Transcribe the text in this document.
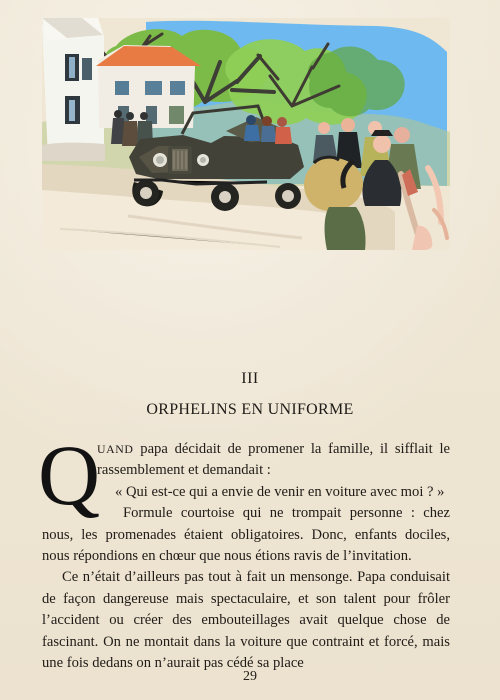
III
ORPHELINS EN UNIFORME

Q
UAND papa décidait de promener la famille, il sifflait le rassemblement et demandait :

« Qui est-ce qui a envie de venir en voiture avec moi ? »

Formule courtoise qui ne trompait personne : chez nous, les promenades étaient obligatoires. Donc, enfants dociles, nous répondions en chœur que nous étions ravis de l’invitation.

Ce n’était d’ailleurs pas tout à fait un mensonge. Papa conduisait de façon dangereuse mais spectaculaire, et son talent pour frôler l’accident ou créer des embouteillages avait quelque chose de fascinant. On ne montait dans la voiture que contraint et forcé, mais une fois dedans on n’aurait pas cédé sa place

29
